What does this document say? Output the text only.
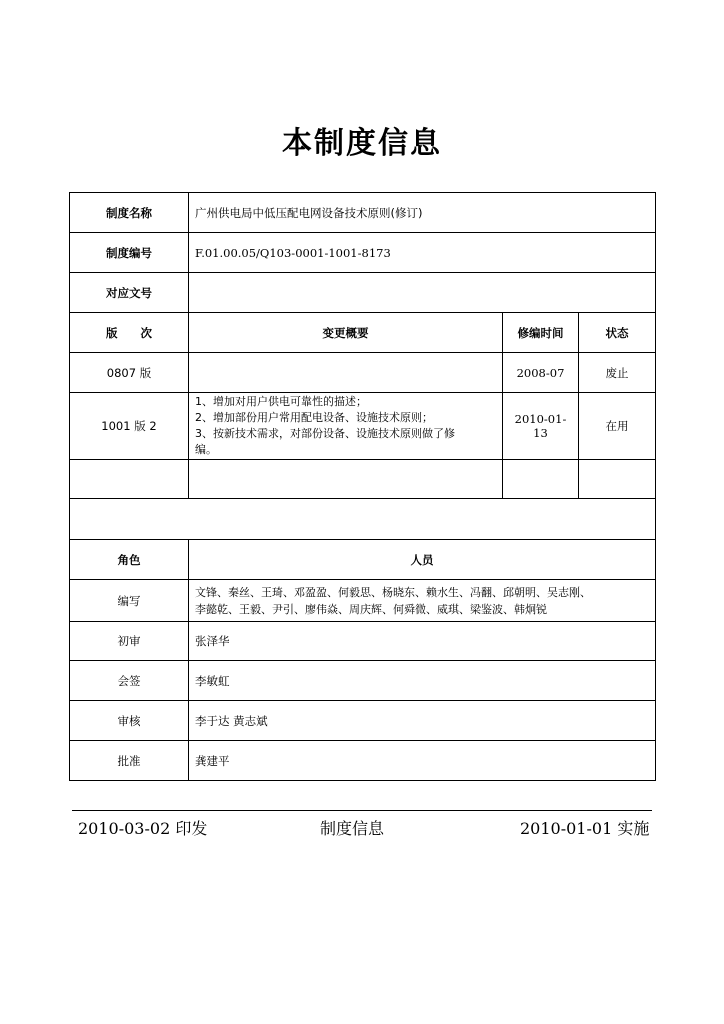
本制度信息
制度名称	广州供电局中低压配电网设备技术原则(修订)		
制度编号	F.01.00.05/Q103-0001-1001-8173		
对应文号			
版　　次	变更概要	修编时间	状态
0807 版		2008-07	废止
1001 版 2	1、增加对用户供电可靠性的描述；
2、增加部份用户常用配电设备、设施技术原则；
3、按新技术需求，对部份设备、设施技术原则做了修
编。	2010-01-13	在用

角色	人员		
编写	文锋、秦丝、王琦、邓盈盈、何毅思、杨晓东、赖水生、冯翻、邱朝明、吴志刚、
李懿乾、王毅、尹引、廖伟焱、周庆辉、何舜微、威琪、梁鉴波、韩炯锐		

初审	张泽华		
会签	李敏虹		
审核	李于达 黄志斌		
批准	龚建平		
2010-03-02 印发	制度信息	2010-01-01 实施
